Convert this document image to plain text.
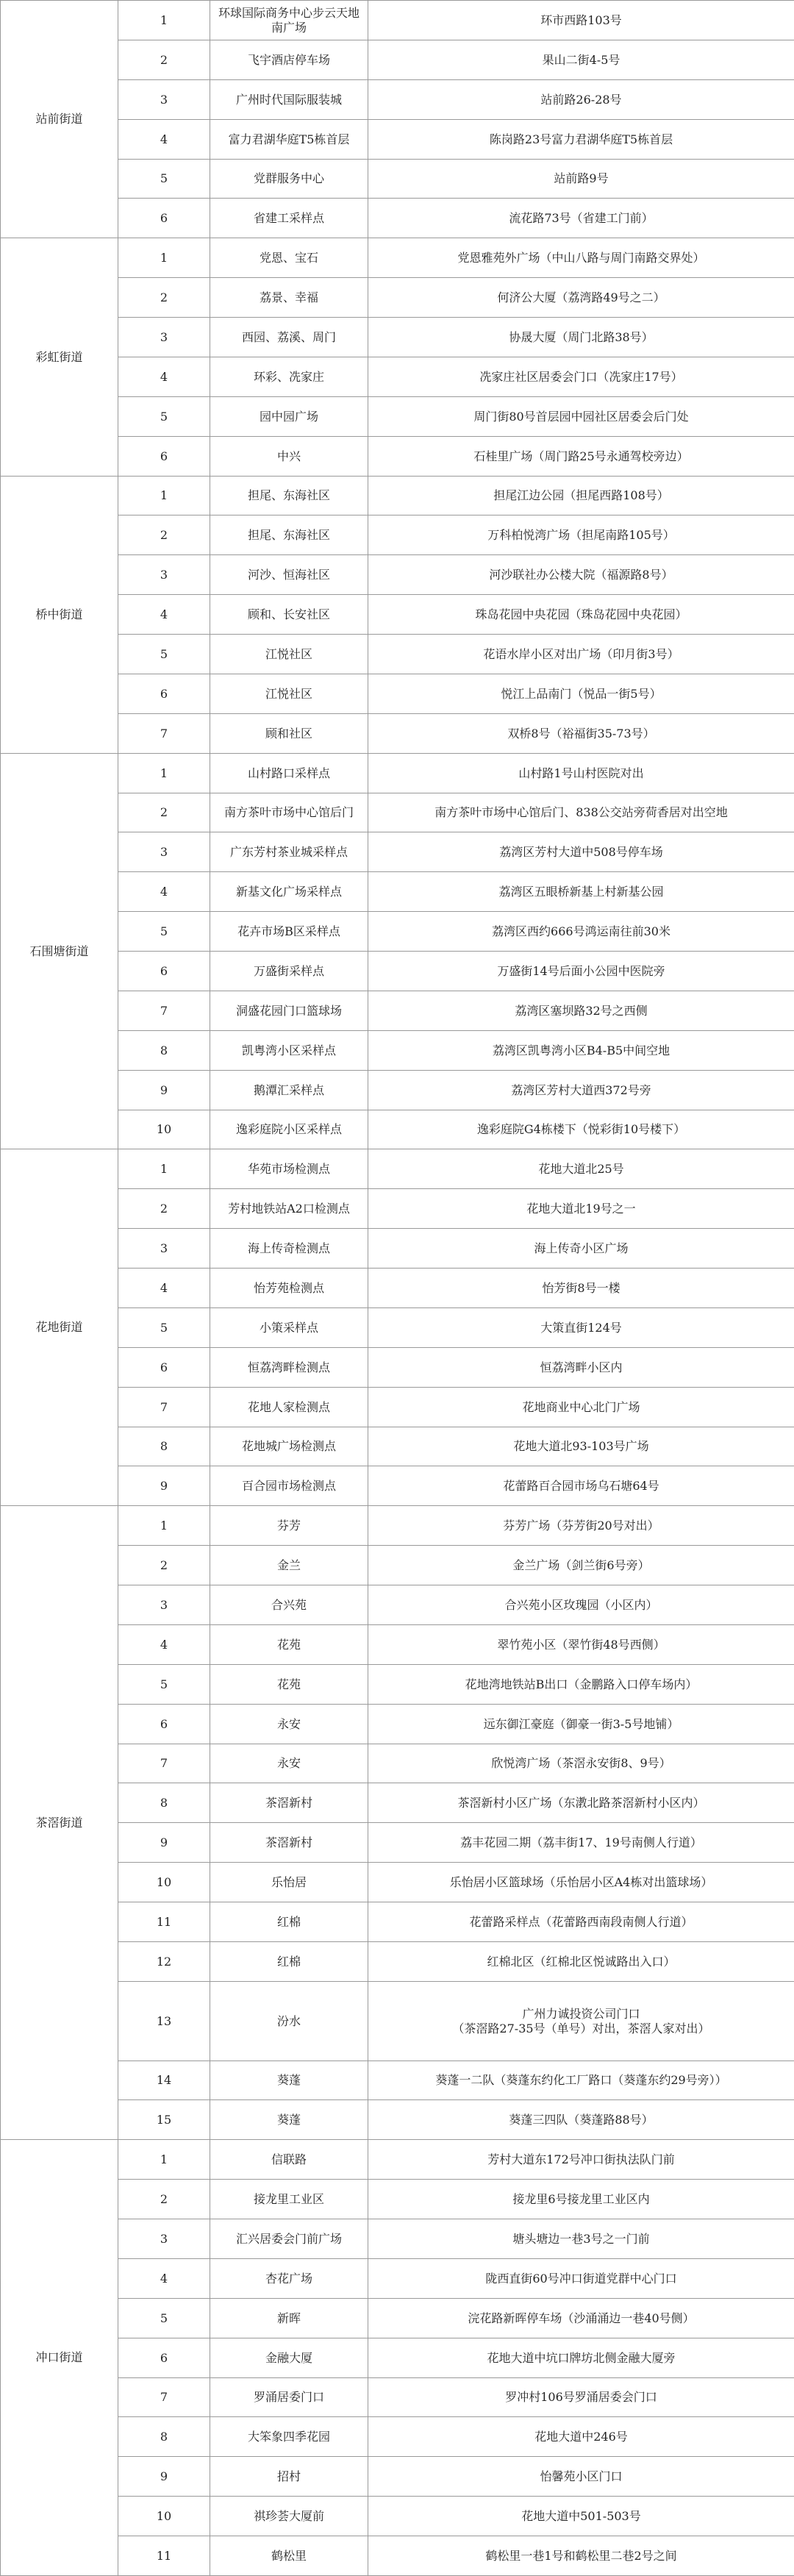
站前街道	1	环球国际商务中心步云天地南广场	环市西路103号
	2	飞宇酒店停车场	果山二街4-5号
	3	广州时代国际服装城	站前路26-28号
	4	富力君湖华庭T5栋首层	陈岗路23号富力君湖华庭T5栋首层
	5	党群服务中心	站前路9号
	6	省建工采样点	流花路73号（省建工门前）
彩虹街道	1	党恩、宝石	党恩雅苑外广场（中山八路与周门南路交界处）
	2	荔景、幸福	何济公大厦（荔湾路49号之二）
	3	西园、荔溪、周门	协晟大厦（周门北路38号）
	4	环彩、冼家庄	冼家庄社区居委会门口（冼家庄17号）
	5	园中园广场	周门街80号首层园中园社区居委会后门处
	6	中兴	石桂里广场（周门路25号永通驾校旁边）
桥中街道	1	担尾、东海社区	担尾江边公园（担尾西路108号）
	2	担尾、东海社区	万科柏悦湾广场（担尾南路105号）
	3	河沙、恒海社区	河沙联社办公楼大院（福源路8号）
	4	顾和、长安社区	珠岛花园中央花园（珠岛花园中央花园）
	5	江悦社区	花语水岸小区对出广场（印月街3号）
	6	江悦社区	悦江上品南门（悦品一街5号）
	7	顾和社区	双桥8号（裕福街35-73号）
石围塘街道	1	山村路口采样点	山村路1号山村医院对出
	2	南方茶叶市场中心馆后门	南方茶叶市场中心馆后门、838公交站旁荷香居对出空地
	3	广东芳村茶业城采样点	荔湾区芳村大道中508号停车场
	4	新基文化广场采样点	荔湾区五眼桥新基上村新基公园
	5	花卉市场B区采样点	荔湾区西约666号鸿运南往前30米
	6	万盛街采样点	万盛街14号后面小公园中医院旁
	7	洞盛花园门口篮球场	荔湾区塞坝路32号之西侧
	8	凯粤湾小区采样点	荔湾区凯粤湾小区B4-B5中间空地
	9	鹅潭汇采样点	荔湾区芳村大道西372号旁
	10	逸彩庭院小区采样点	逸彩庭院G4栋楼下（悦彩街10号楼下）
花地街道	1	华苑市场检测点	花地大道北25号
	2	芳村地铁站A2口检测点	花地大道北19号之一
	3	海上传奇检测点	海上传奇小区广场
	4	怡芳苑检测点	怡芳街8号一楼
	5	小策采样点	大策直街124号
	6	恒荔湾畔检测点	恒荔湾畔小区内
	7	花地人家检测点	花地商业中心北门广场
	8	花地城广场检测点	花地大道北93-103号广场
	9	百合园市场检测点	花蕾路百合园市场乌石塘64号
茶滘街道	1	芬芳	芬芳广场（芬芳街20号对出）
	2	金兰	金兰广场（剑兰街6号旁）
	3	合兴苑	合兴苑小区玫瑰园（小区内）
	4	花苑	翠竹苑小区（翠竹街48号西侧）
	5	花苑	花地湾地铁站B出口（金鹏路入口停车场内）
	6	永安	远东御江豪庭（御豪一街3-5号地铺）
	7	永安	欣悦湾广场（茶滘永安街8、9号）
	8	茶滘新村	茶滘新村小区广场（东漖北路茶滘新村小区内）
	9	茶滘新村	荔丰花园二期（荔丰街17、19号南侧人行道）
	10	乐怡居	乐怡居小区篮球场（乐怡居小区A4栋对出篮球场）
	11	红棉	花蕾路采样点（花蕾路西南段南侧人行道）
	12	红棉	红棉北区（红棉北区悦诚路出入口）
	13	汾水	广州力诚投资公司门口
（茶滘路27-35号（单号）对出，茶滘人家对出）

	14	葵蓬	葵蓬一二队（葵蓬东约化工厂路口（葵蓬东约29号旁））
	15	葵蓬	葵蓬三四队（葵蓬路88号）
冲口街道	1	信联路	芳村大道东172号冲口街执法队门前
	2	接龙里工业区	接龙里6号接龙里工业区内
	3	汇兴居委会门前广场	塘头塘边一巷3号之一门前
	4	杏花广场	陇西直街60号冲口街道党群中心门口
	5	新晖	浣花路新晖停车场（沙涌涌边一巷40号侧）
	6	金融大厦	花地大道中坑口牌坊北侧金融大厦旁
	7	罗涌居委门口	罗冲村106号罗涌居委会门口
	8	大笨象四季花园	花地大道中246号
	9	招村	怡馨苑小区门口
	10	祺珍荟大厦前	花地大道中501-503号
	11	鹤松里	鹤松里一巷1号和鹤松里二巷2号之间
